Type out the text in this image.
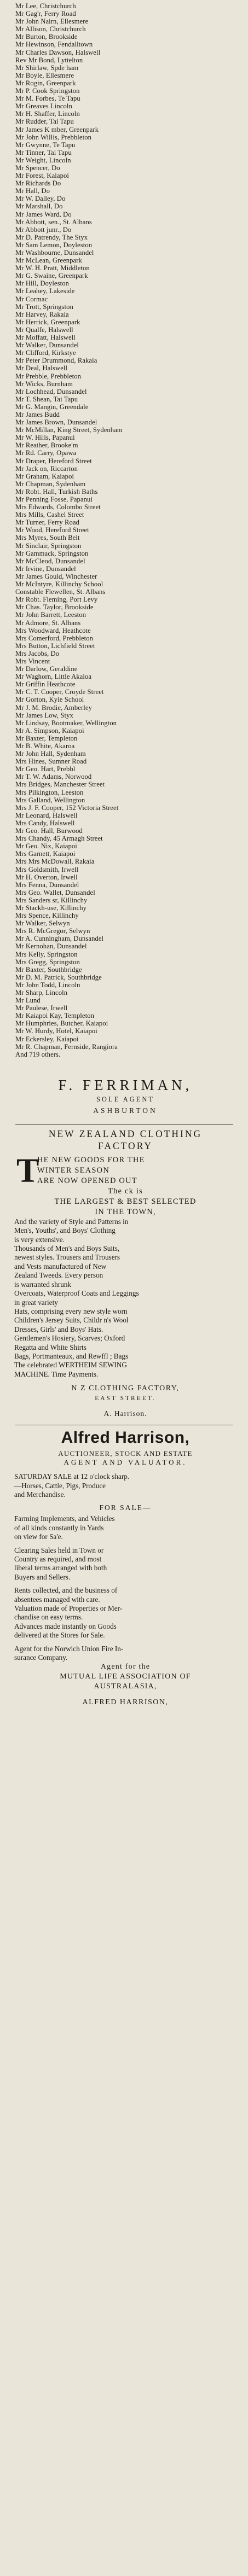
Mr Lee, Christchurch
Mr Gag'r, Ferry Road
Mr John Nairn, Ellesmere
Mr Allison, Christchurch
Mr Burton, Brookside
Mr Hewinson, Fendalltown
Mr Charles Dawson, Halswell
Rev Mr Bond, Lyttelton
Mr Shirlaw, Spde ham
Mr Boyle, Ellesmere
Mr Rogin, Greenpark
Mr P. Cook Springston
Mr M. Forbes, Te Tapu
Mr Greaves Lincoln
Mr H. Shaffer, Lincoln
Mr Rudder, Tai Tapu
Mr James K mber, Greenpark
Mr John Willis, Prebbleton
Mr Gwynne, Te Tapu
Mr Tinner, Tai Tapu
Mr Weight, Lincoln
Mr Spencer, Do
Mr Forest, Kaiapoi
Mr Richards Do
Mr Hall, Do
Mr W. Dalley, Do
Mr Marshall, Do
Mr James Ward, Do
Mr Abbott, sen., St. Albans
Mr Abbott junr., Do
Mr D. Patrendy, The Styx
Mr Sam Lemon, Doyleston
Mr Washbourne, Dunsandel
Mr McLean, Greenpark
Mr W. H. Pratt, Middleton
Mr G. Swaine, Greenpark
Mr Hill, Doyleston
Mr Leahey, Lakeside
Mr Cormac
Mr Trott, Springston
Mr Harvey, Rakaia
Mr Herrick, Greenpark
Mr Qualfe, Halswell
Mr Moffatt, Halswell
Mr Walker, Dunsandel
Mr Clifford, Kirkstye
Mr Peter Drummond, Rakaia
Mr Deal, Halswell
Mr Prebble, Prebbleton
Mr Wicks, Burnham
Mr Lochhead, Dunsandel
Mr T. Shean, Tai Tapu
Mr G. Mangin, Greendale
Mr James Budd
Mr James Brown, Dunsandel
Mr McMillan, King Street, Sydenham
Mr W. Hills, Papanui
Mr Reather, Brooke'm
Mr Rd. Carry, Opawa
Mr Draper, Hereford Street
Mr Jack on, Riccarton
Mr Graham, Kaiapoi
Mr Chapman, Sydenham
Mr Robt. Hall, Turkish Baths
Mr Penning Fosse, Papanui
Mrs Edwards, Colombo Street
Mrs Mills, Cashel Street
Mr Turner, Ferry Road
Mr Wood, Hereford Street
Mrs Myres, South Belt
Mr Sinclair, Springston
Mr Gammack, Springston
Mr McCleod, Dunsandel
Mr Irvine, Dunsandel
Mr James Gould, Winchester
Mr McIntyre, Killinchy School
Constable Flewellen, St. Albans
Mr Robt. Fleming, Port Levy
Mr Chas. Taylor, Brookside
Mr John Barrett, Leeston
Mr Admore, St. Albans
Mrs Woodward, Heathcote
Mrs Comerford, Prebbleton
Mrs Button, Lichfield Street
Mrs Jacobs, Do
Mrs Vincent
Mr Darlow, Geraldine
Mr Waghorn, Little Akaloa
Mr Griffin Heathcote
Mr C. T. Cooper, Croyde Street
Mr Gorton, Kyle School
Mr J. M. Brodie, Amberley
Mr James Low, Styx
Mr Lindsay, Bootmaker, Wellington
Mr A. Simpson, Kaiapoi
Mr Baxter, Templeton
Mr B. White, Akaroa
Mr John Hall, Sydenham
Mrs Hines, Sumner Road
Mr Geo. Hart, Prebbl
Mr T. W. Adams, Norwood
Mrs Bridges, Manchester Street
Mrs Pilkington, Leeston
Mrs Galland, Wellington
Mrs J. F. Cooper, 152 Victoria Street
Mr Leonard, Halswell
Mrs Candy, Halswell
Mr Geo. Hall, Burwood
Mrs Chandy, 45 Armagh Street
Mr Geo. Nix, Kaiapoi
Mrs Garnett, Kaiapoi
Mrs Mrs McDowall, Rakaia
Mrs Goldsmith, Irwell
Mr H. Overton, Irwell
Mrs Fenna, Dunsandel
Mrs Geo. Wallet, Dunsandel
Mrs Sanders sr, Killinchy
Mr Stackh-use, Killinchy
Mrs Spence, Killinchy
Mr Walker, Selwyn
Mrs R. McGregor, Selwyn
Mr A. Cunningham, Dunsandel
Mr Kernohan, Dunsandel
Mrs Kelly, Springston
Mrs Gregg, Springston
Mr Baxter, Southbridge
Mr D. M. Patrick, Southbridge
Mr John Todd, Lincoln
Mr Sharp, Lincoln
Mr Lund
Mr Paulese, Irwell
Mr Kaiapoi Kay, Templeton
Mr Humphries, Butcher, Kaiapoi
Mr W. Hurdy, Hotel, Kaiapoi
Mr Eckersley, Kaiapoi
Mr R. Chapman, Fernside, Rangiora
And 719 others.
F. FERRIMAN,
SOLE AGENT
ASHBURTON
NEW ZEALAND CLOTHING
FACTORY
T
HE NEW GOODS FOR THE
WINTER SEASON
ARE NOW OPENED OUT
The ck is
THE LARGEST & BEST SELECTED
IN THE TOWN,
And the variety of Style and Patterns in
Men's, Youths', and Boys' Clothing
is very extensive.
Thousands of Men's and Boys Suits,
newest styles. Trousers and Trousers
and Vests manufactured of New
Zealand Tweeds. Every person
is warranted shrunk
Overcoats, Waterproof Coats and Leggings
in great variety
Hats, comprising every new style worn
Children's Jersey Suits, Childr n's Wool
Dresses, Girls' and Boys' Hats.
Gentlemen's Hosiery, Scarves; Oxford
Regatta and White Shirts
Bags, Portmanteaux, and Rewffl ; Bags
The celebrated WERTHEIM SEWING
MACHINE. Time Payments.
N Z CLOTHING FACTORY,
EAST STREET.
A. Harrison.
Alfred Harrison,
AUCTIONEER, STOCK AND ESTATE
AGENT AND VALUATOR.
SATURDAY SALE at 12 o'clock sharp.
—Horses, Cattle, Pigs, Produce
and Merchandise.
FOR SALE—
Farming Implements, and Vehicles
of all kinds constantly in Yards
on view for Sa'e.
Clearing Sales held in Town or
Country as required, and most
liberal terms arranged with both
Buyers and Sellers.
Rents collected, and the business of
absentees managed with care.
Valuation made of Properties or Mer-
chandise on easy terms.
Advances made instantly on Goods
delivered at the Stores for Sale.
Agent for the Norwich Union Fire In-
surance Company.
Agent for the
MUTUAL LIFE ASSOCIATION OF
AUSTRALASIA,
ALFRED HARRISON,
